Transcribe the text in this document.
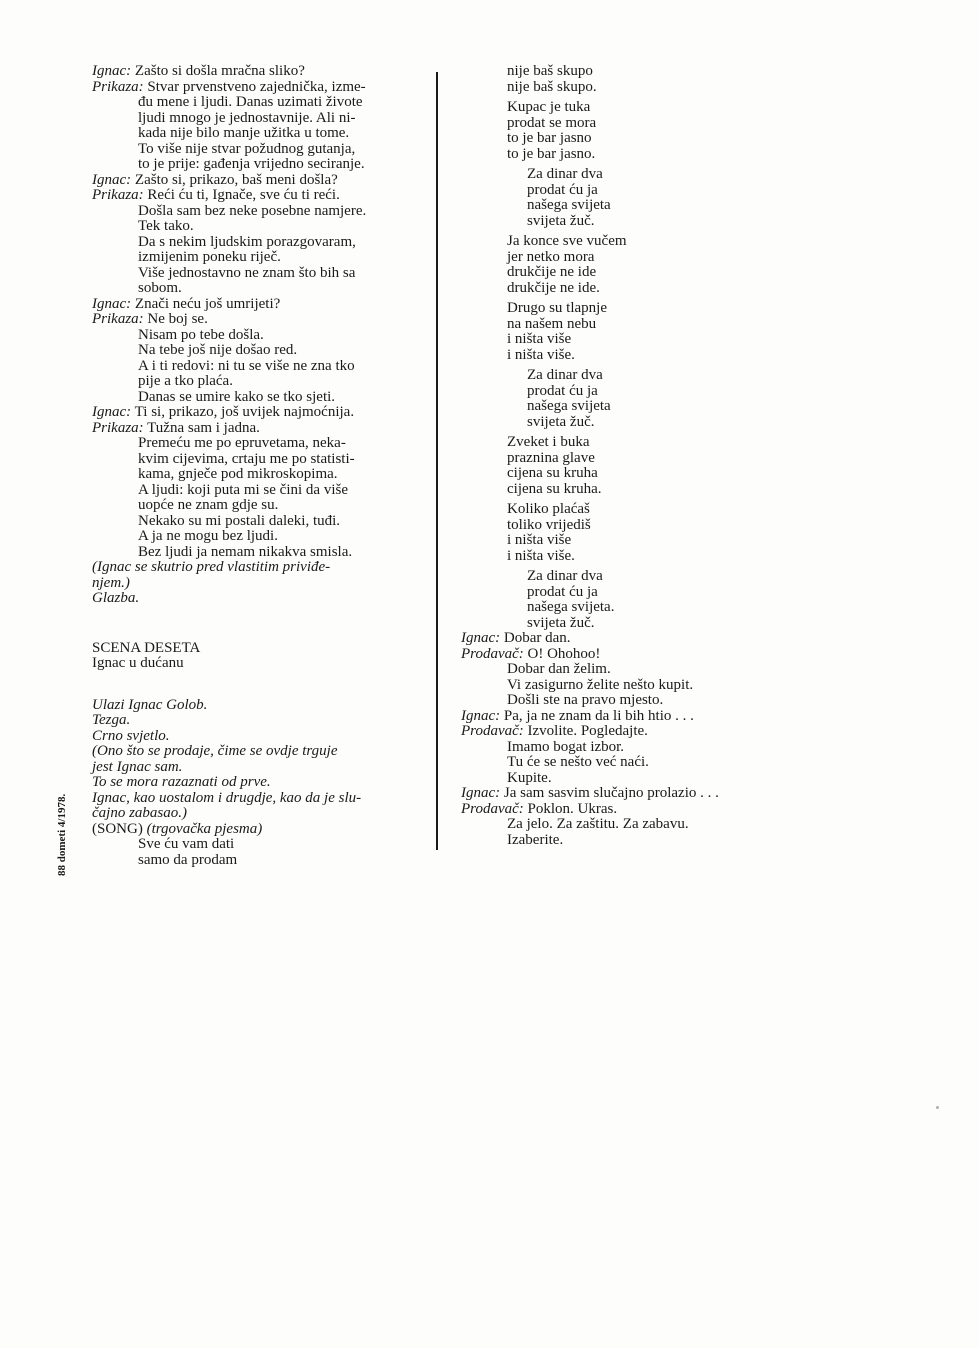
Ignac: Zašto si došla mračna sliko?
Prikaza: Stvar prvenstveno zajednička, izme-
đu mene i ljudi. Danas uzimati živote
ljudi mnogo je jednostavnije. Ali ni-
kada nije bilo manje užitka u tome.
To više nije stvar požudnog gutanja,
to je prije: gađenja vrijedno seciranje.
Ignac: Zašto si, prikazo, baš meni došla?
Prikaza: Reći ću ti, Ignače, sve ću ti reći.
Došla sam bez neke posebne namjere.
Tek tako.
Da s nekim ljudskim porazgovaram,
izmijenim poneku riječ.
Više jednostavno ne znam što bih sa
sobom.
Ignac: Znači neću još umrijeti?
Prikaza: Ne boj se.
Nisam po tebe došla.
Na tebe još nije došao red.
A i ti redovi: ni tu se više ne zna tko
pije a tko plaća.
Danas se umire kako se tko sjeti.
Ignac: Ti si, prikazo, još uvijek najmoćnija.
Prikaza: Tužna sam i jadna.
Premeću me po epruvetama, neka-
kvim cijevima, crtaju me po statisti-
kama, gnječe pod mikroskopima.
A ljudi: koji puta mi se čini da više
uopće ne znam gdje su.
Nekako su mi postali daleki, tuđi.
A ja ne mogu bez ljudi.
Bez ljudi ja nemam nikakva smisla.
(Ignac se skutrio pred vlastitim priviđe-
njem.)
Glazba.
SCENA DESETA
Ignac u dućanu
Ulazi Ignac Golob.
Tezga.
Crno svjetlo.
(Ono što se prodaje, čime se ovdje trguje
jest Ignac sam.
To se mora razaznati od prve.
Ignac, kao uostalom i drugdje, kao da je slu-
čajno zabasao.)
(SONG) (trgovačka pjesma)
Sve ću vam dati
samo da prodam
nije baš skupo
nije baš skupo.
Kupac je tuka
prodat se mora
to je bar jasno
to je bar jasno.
Za dinar dva
prodat ću ja
našega svijeta
svijeta žuč.
Ja konce sve vučem
jer netko mora
drukčije ne ide
drukčije ne ide.
Drugo su tlapnje
na našem nebu
i ništa više
i ništa više.
Za dinar dva
prodat ću ja
našega svijeta
svijeta žuč.
Zveket i buka
praznina glave
cijena su kruha
cijena su kruha.
Koliko plaćaš
toliko vrijediš
i ništa više
i ništa više.
Za dinar dva
prodat ću ja
našega svijeta.
svijeta žuč.
Ignac: Dobar dan.
Prodavač: O! Ohohoo!
Dobar dan želim.
Vi zasigurno želite nešto kupit.
Došli ste na pravo mjesto.
Ignac: Pa, ja ne znam da li bih htio . . .
Prodavač: Izvolite. Pogledajte.
Imamo bogat izbor.
Tu će se nešto već naći.
Kupite.
Ignac: Ja sam sasvim slučajno prolazio . . .
Prodavač: Poklon. Ukras.
Za jelo. Za zaštitu. Za zabavu.
Izaberite.
88 dometi 4/1978.
